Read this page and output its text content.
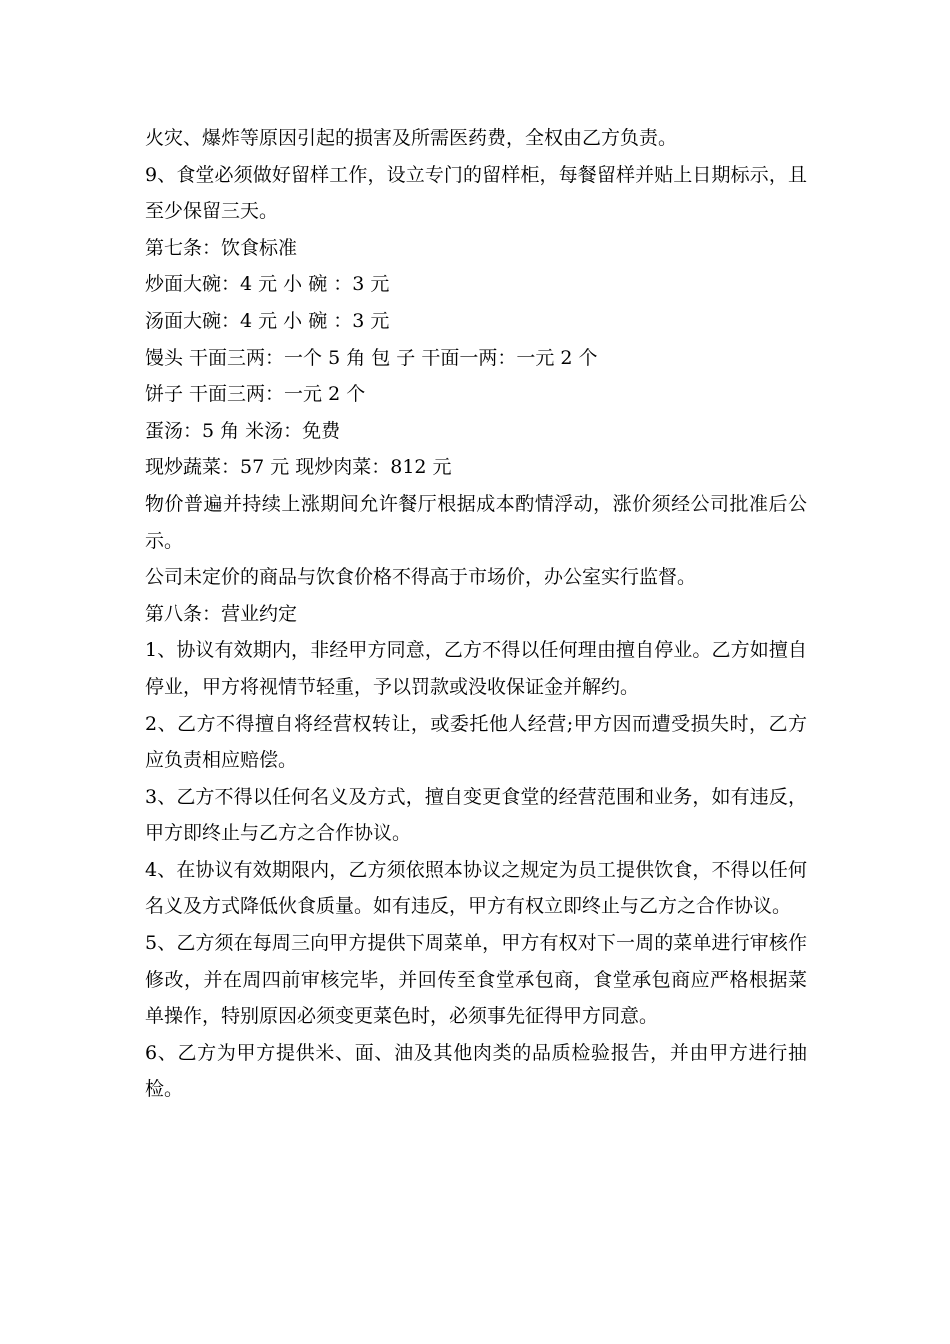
火灾、爆炸等原因引起的损害及所需医药费，全权由乙方负责。

9、食堂必须做好留样工作，设立专门的留样柜，每餐留样并贴上日期标示，且至少保留三天。

第七条：饮食标准

炒面大碗：4 元 小 碗 ：3 元

汤面大碗：4 元 小 碗 ：3 元

馒头 干面三两：一个 5 角 包 子 干面一两：一元 2 个

饼子 干面三两：一元 2 个

蛋汤：5 角 米汤：免费

现炒蔬菜：57 元 现炒肉菜：812 元

物价普遍并持续上涨期间允许餐厅根据成本酌情浮动，涨价须经公司批准后公示。

公司未定价的商品与饮食价格不得高于市场价，办公室实行监督。

第八条：营业约定

1、协议有效期内，非经甲方同意，乙方不得以任何理由擅自停业。乙方如擅自停业，甲方将视情节轻重，予以罚款或没收保证金并解约。

2、乙方不得擅自将经营权转让，或委托他人经营;甲方因而遭受损失时，乙方应负责相应赔偿。

3、乙方不得以任何名义及方式，擅自变更食堂的经营范围和业务，如有违反，甲方即终止与乙方之合作协议。

4、在协议有效期限内，乙方须依照本协议之规定为员工提供饮食，不得以任何名义及方式降低伙食质量。如有违反，甲方有权立即终止与乙方之合作协议。

5、乙方须在每周三向甲方提供下周菜单，甲方有权对下一周的菜单进行审核作修改，并在周四前审核完毕，并回传至食堂承包商，食堂承包商应严格根据菜单操作，特别原因必须变更菜色时，必须事先征得甲方同意。

6、乙方为甲方提供米、面、油及其他肉类的品质检验报告，并由甲方进行抽检。
